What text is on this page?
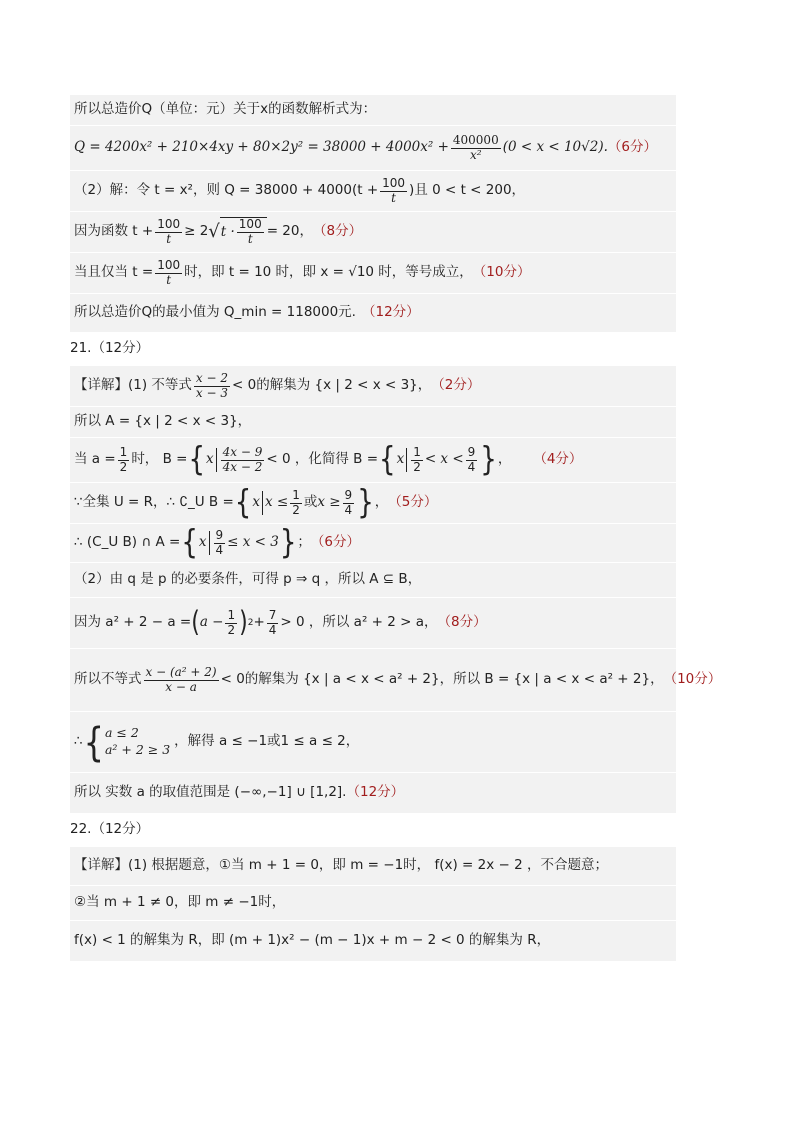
所以总造价Q（单位：元）关于x的函数解析式为：
$Q = 4200x^2 + 210\times 4xy + 80\times 2y^2 = 38000 + 4000x^2 + \frac{400000}{\text{x²}} (0 < x < 10√2)$. （6分）
（2）解：令 t = x²，则 $Q = 38000 + 4000(t + \frac{100}{t}$ )且 0 < t < 200，
因为函数 $t + \frac{100}{t} \ge 2$ √ $t \cdot \frac{100}{t} = 20$， （8分）
当且仅当 $t = \frac{100}{t}$ 时，即 t = 10 时，即 x = √10 时，等号成立， （10分）
所以总造价Q的最小值为 Q_min = 118000元. （12分）
21.（12分）
【详解】(1) 不等式 $\frac{x - 2}{x - 3} < 0$的解集为 {x | 2 < x < 3}， （2分）
所以 A = {x | 2 < x < 3}，
当 $a = \frac{1}{2}$ 时， B = { x $\frac{4x - 9}{4x - 2} < 0$ ，化简得 B = { x $\frac{1}{2} < x < \frac{9}{4}$ } ， （4分）
∵全集 U = R，∴ ∁_U B = { x $x \le \frac{1}{2}$ 或 $x \ge \frac{9}{4}$ } ， （5分）
∴ (C_U B) ∩ A = { x $\frac{9}{4} \le x < 3$ } ； （6分）
（2）由 q 是 p 的必要条件，可得 p ⇒ q ，所以 A ⊆ B，
因为 a² + 2 − a = ( $a - \frac{1}{2}$ ) $2 + \frac{7}{4} > 0$ ，所以 a² + 2 > a， （8分）
所以不等式 $\frac{\text{x − (a² + 2)}}{x - a} < 0$的解集为 {x | a < x < a² + 2}，所以 B = {x | a < x < a² + 2}， （10分）
∴ { a ≤ 2
a² + 2 ≥ 3
，解得 a ≤ −1或1 ≤ a ≤ 2，
所以 实数 a 的取值范围是 (−∞,−1] ∪ [1,2]. （12分）
22.（12分）
【详解】(1) 根据题意，①当 m + 1 = 0，即 m = −1时， f(x) = 2x − 2 ，不合题意；
②当 m + 1 ≠ 0，即 m ≠ −1时，
f(x) < 1 的解集为 R，即 (m + 1)x² − (m − 1)x + m − 2 < 0 的解集为 R，
